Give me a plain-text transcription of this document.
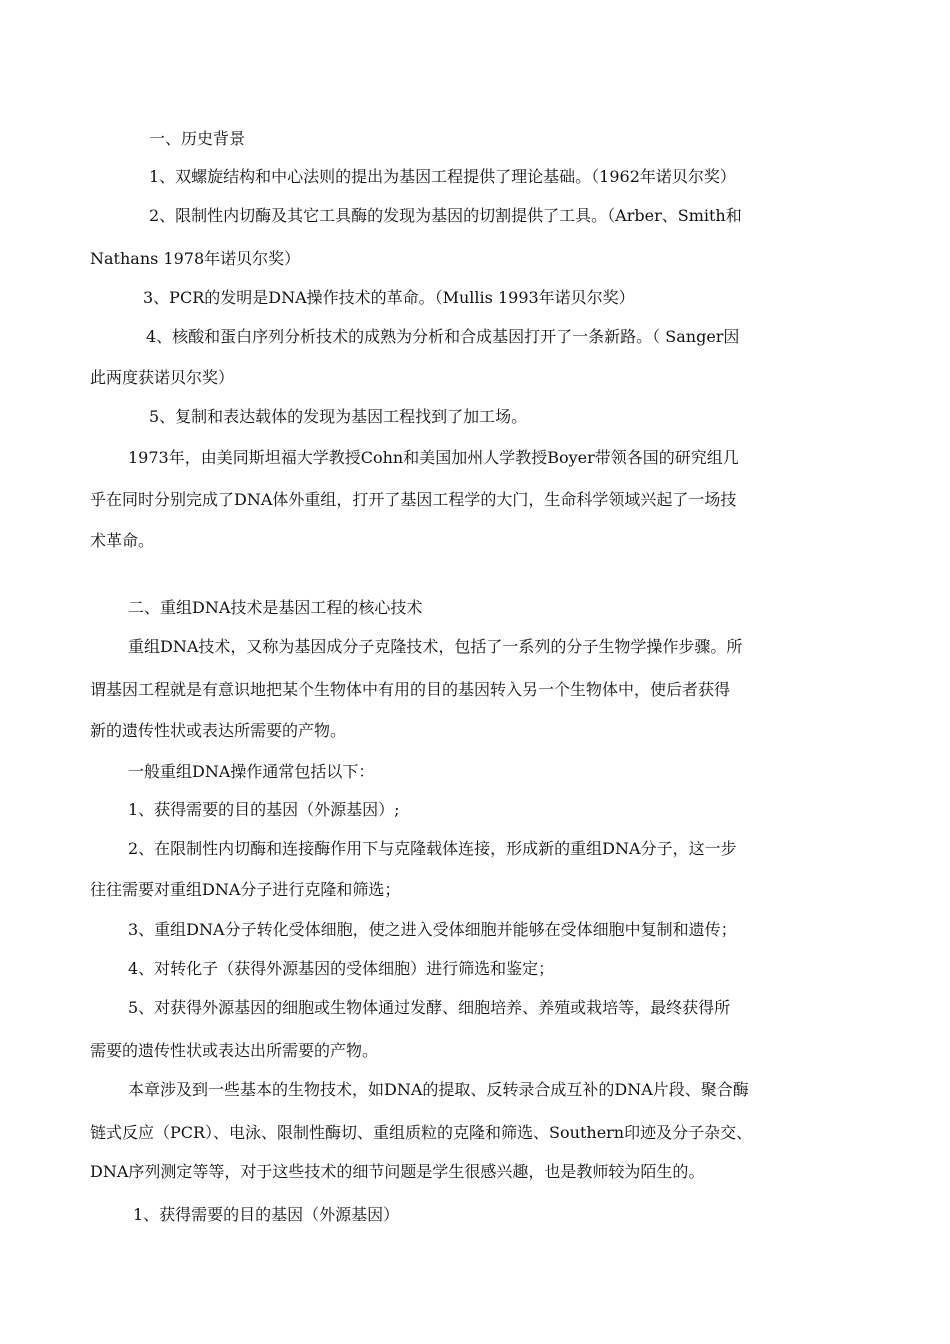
一、历史背景
1、双螺旋结构和中心法则的提出为基因工程提供了理论基础。（1962年诺贝尔奖）
2、限制性内切酶及其它工具酶的发现为基因的切割提供了工具。（Arber、Smith和
Nathans 1978年诺贝尔奖）
3、PCR的发明是DNA操作技术的革命。（Mullis 1993年诺贝尔奖）
4、核酸和蛋白序列分析技术的成熟为分析和合成基因打开了一条新路。（ Sanger因
此两度获诺贝尔奖）
5、复制和表达载体的发现为基因工程找到了加工场。
1973年，由美同斯坦福大学教授Cohn和美国加州人学教授Boyer带领各国的研究组几
乎在同时分别完成了DNA体外重组，打开了基因工程学的大门，生命科学领域兴起了一场技
术革命。
二、重组DNA技术是基因工程的核心技术
重组DNA技术，又称为基因成分子克隆技术，包括了一系列的分子生物学操作步骤。所
谓基因工程就是有意识地把某个生物体中有用的目的基因转入另一个生物体中，使后者获得
新的遗传性状或表达所需要的产物。
一般重组DNA操作通常包括以下：
1、获得需要的目的基因（外源基因）;
2、在限制性内切酶和连接酶作用下与克隆载体连接，形成新的重组DNA分子，这一步
往往需要对重组DNA分子进行克隆和筛选；
3、重组DNA分子转化受体细胞，使之进入受体细胞并能够在受体细胞中复制和遗传；
4、对转化子（获得外源基因的受体细胞）进行筛选和鉴定；
5、对获得外源基因的细胞或生物体通过发酵、细胞培养、养殖或栽培等，最终获得所
需要的遗传性状或表达出所需要的产物。
本章涉及到一些基本的生物技术，如DNA的提取、反转录合成互补的DNA片段、聚合酶
链式反应（PCR）、电泳、限制性酶切、重组质粒的克隆和筛选、Southern印迹及分子杂交、
DNA序列测定等等，对于这些技术的细节问题是学生很感兴趣，也是教师较为陌生的。
1、获得需要的目的基因（外源基因）
